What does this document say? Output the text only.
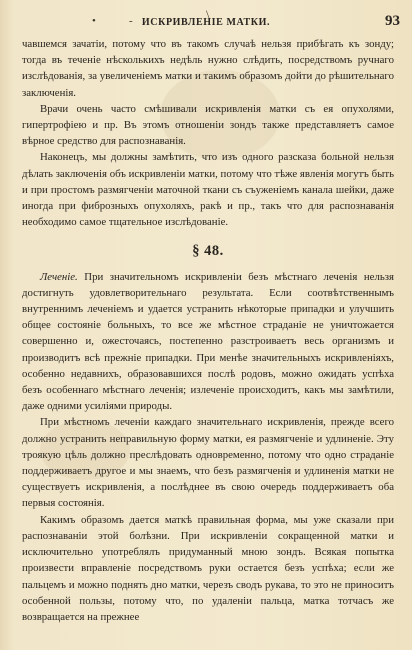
•	\
- ИСКРИВЛЕНІЕ МАТКИ.	93

чавшемся зачатіи, потому что въ такомъ случаѣ нельзя прибѣгать къ зонду; тогда въ теченіе нѣсколькихъ недѣль нужно слѣдить, посредствомъ ручнаго изслѣдованія, за увеличеніемъ матки и такимъ образомъ дойти до рѣшительнаго заключенія.

Врачи очень часто смѣшивали искривленія матки съ ея опухолями, гипертрофіею и пр. Въ этомъ отношеніи зондъ также представляетъ самое вѣрное средство для распознаванія.

Наконецъ, мы должны замѣтить, что изъ одного разсказа больной нельзя дѣлать заключенія объ искривленіи матки, потому что тѣже явленія могутъ быть и при простомъ размягченіи маточной ткани съ съуженіемъ канала шейки, даже иногда при фиброзныхъ опухоляхъ, ракѣ и пр., такъ что для распознаванія необходимо самое тщательное изслѣдованіе.

§ 48.

Леченіе. При значительномъ искривленіи безъ мѣстнаго леченія нельзя достигнуть удовлетворительнаго результата. Если соотвѣтственнымъ внутреннимъ леченіемъ и удается устранить нѣкоторые припадки и улучшить общее состояніе больныхъ, то все же мѣстное страданіе не уничтожается совершенно и, ожесточаясь, постепенно разстроиваетъ весь организмъ и производитъ всѣ прежніе припадки. При менѣе значительныхъ искривленіяхъ, особенно недавнихъ, образовавшихся послѣ родовъ, можно ожидать успѣха безъ особеннаго мѣстнаго леченія; излеченіе происходитъ, какъ мы замѣтили, даже одними усиліями природы.

При мѣстномъ леченіи каждаго значительнаго искривленія, прежде всего должно устранить неправильную форму матки, ея размягченіе и удлиненіе. Эту троякую цѣль должно преслѣдовать одновременно, потому что одно страданіе поддерживаетъ другое и мы знаемъ, что безъ размягченія и удлиненія матки не существуетъ искривленія, а послѣднее въ свою очередь поддерживаетъ оба первыя состоянія.

Какимъ образомъ дается маткѣ правильная форма, мы уже сказали при распознаваніи этой болѣзни. При искривленіи сокращенной матки и исключительно употреблялъ придуманный мною зондъ. Всякая попытка произвести вправленіе посредствомъ руки остается безъ успѣха; если же пальцемъ и можно поднять дно матки, черезъ сводъ рукава, то это не приноситъ особенной пользы, потому что, по удаленіи пальца, матка тотчасъ же возвращается на прежнее
